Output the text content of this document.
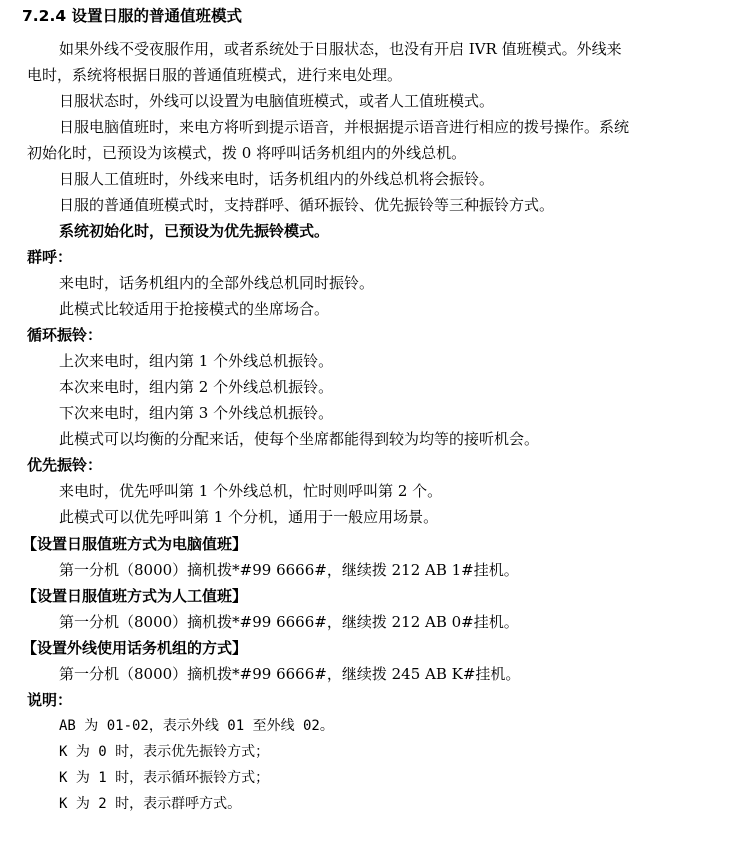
7.2.4 设置日服的普通值班模式

如果外线不受夜服作用，或者系统处于日服状态，也没有开启 IVR 值班模式。外线来

电时，系统将根据日服的普通值班模式，进行来电处理。

日服状态时，外线可以设置为电脑值班模式，或者人工值班模式。

日服电脑值班时，来电方将听到提示语音，并根据提示语音进行相应的拨号操作。系统

初始化时，已预设为该模式，拨 0 将呼叫话务机组内的外线总机。

日服人工值班时，外线来电时，话务机组内的外线总机将会振铃。

日服的普通值班模式时，支持群呼、循环振铃、优先振铃等三种振铃方式。

系统初始化时，已预设为优先振铃模式。

群呼：

来电时，话务机组内的全部外线总机同时振铃。

此模式比较适用于抢接模式的坐席场合。

循环振铃：

上次来电时，组内第 1 个外线总机振铃。

本次来电时，组内第 2 个外线总机振铃。

下次来电时，组内第 3 个外线总机振铃。

此模式可以均衡的分配来话，使每个坐席都能得到较为均等的接听机会。

优先振铃：

来电时，优先呼叫第 1 个外线总机，忙时则呼叫第 2 个。

此模式可以优先呼叫第 1 个分机，通用于一般应用场景。

【设置日服值班方式为电脑值班】

第一分机（8000）摘机拨*#99 6666#，继续拨 212 AB 1#挂机。

【设置日服值班方式为人工值班】

第一分机（8000）摘机拨*#99 6666#，继续拨 212 AB 0#挂机。

【设置外线使用话务机组的方式】

第一分机（8000）摘机拨*#99 6666#，继续拨 245 AB K#挂机。

说明：

AB 为 01-02，表示外线 01 至外线 02。

K 为 0 时，表示优先振铃方式；

K 为 1 时，表示循环振铃方式；

K 为 2 时，表示群呼方式。
